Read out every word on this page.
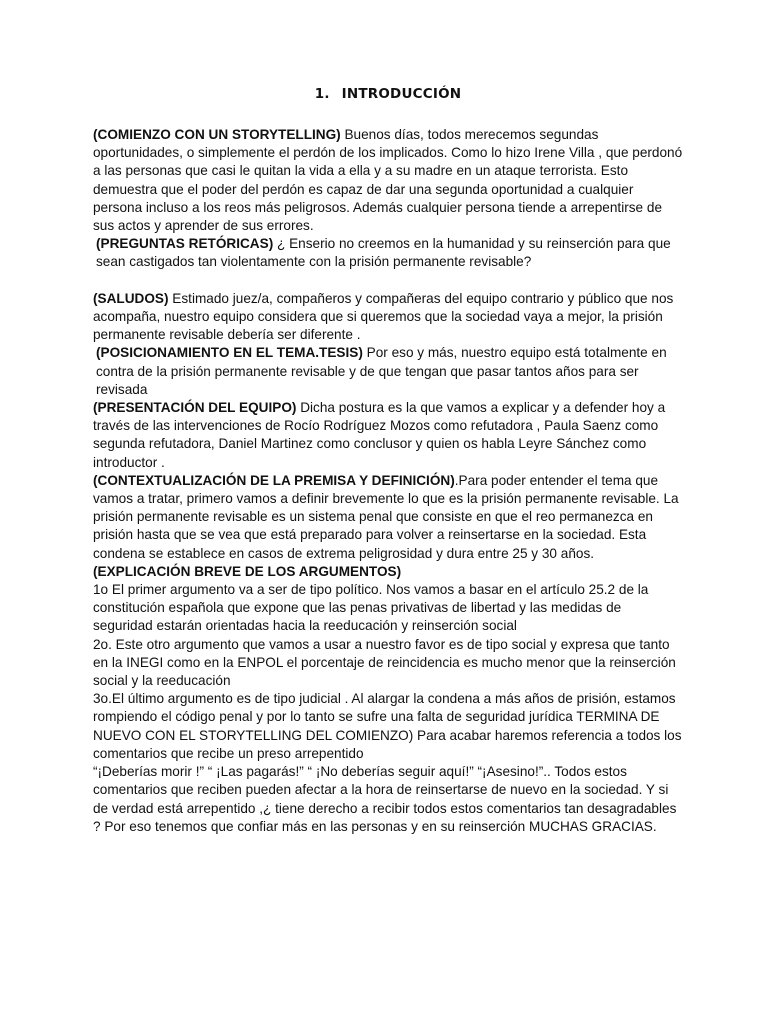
1. INTRODUCCIÓN

(COMIENZO CON UN STORYTELLING) Buenos días, todos merecemos segundas oportunidades, o simplemente el perdón de los implicados. Como lo hizo Irene Villa , que perdonó a las personas que casi le quitan la vida a ella y a su madre en un ataque terrorista. Esto demuestra que el poder del perdón es capaz de dar una segunda oportunidad a cualquier persona incluso a los reos más peligrosos. Además cualquier persona tiende a arrepentirse de sus actos y aprender de sus errores.

(PREGUNTAS RETÓRICAS) ¿ Enserio no creemos en la humanidad y su reinserción para que sean castigados tan violentamente con la prisión permanente revisable?

(SALUDOS) Estimado juez/a, compañeros y compañeras del equipo contrario y público que nos acompaña, nuestro equipo considera que si queremos que la sociedad vaya a mejor, la prisión permanente revisable debería ser diferente .

(POSICIONAMIENTO EN EL TEMA.TESIS) Por eso y más, nuestro equipo está totalmente en contra de la prisión permanente revisable y de que tengan que pasar tantos años para ser revisada

(PRESENTACIÓN DEL EQUIPO) Dicha postura es la que vamos a explicar y a defender hoy a través de las intervenciones de Rocío Rodríguez Mozos como refutadora , Paula Saenz como segunda refutadora, Daniel Martinez como conclusor y quien os habla Leyre Sánchez como introductor .

(CONTEXTUALIZACIÓN DE LA PREMISA Y DEFINICIÓN).Para poder entender el tema que vamos a tratar, primero vamos a definir brevemente lo que es la prisión permanente revisable. La prisión permanente revisable es un sistema penal que consiste en que el reo permanezca en prisión hasta que se vea que está preparado para volver a reinsertarse en la sociedad. Esta condena se establece en casos de extrema peligrosidad y dura entre 25 y 30 años.

(EXPLICACIÓN BREVE DE LOS ARGUMENTOS)

1o El primer argumento va a ser de tipo político. Nos vamos a basar en el artículo 25.2 de la constitución española que expone que las penas privativas de libertad y las medidas de seguridad estarán orientadas hacia la reeducación y reinserción social

2o. Este otro argumento que vamos a usar a nuestro favor es de tipo social y expresa que tanto en la INEGI como en la ENPOL el porcentaje de reincidencia es mucho menor que la reinserción social y la reeducación

3o.El último argumento es de tipo judicial . Al alargar la condena a más años de prisión, estamos rompiendo el código penal y por lo tanto se sufre una falta de seguridad jurídica TERMINA DE NUEVO CON EL STORYTELLING DEL COMIENZO) Para acabar haremos referencia a todos los comentarios que recibe un preso arrepentido

“¡Deberías morir !” “ ¡Las pagarás!” “ ¡No deberías seguir aquí!” “¡Asesino!”.. Todos estos comentarios que reciben pueden afectar a la hora de reinsertarse de nuevo en la sociedad. Y si de verdad está arrepentido ,¿ tiene derecho a recibir todos estos comentarios tan desagradables ? Por eso tenemos que confiar más en las personas y en su reinserción MUCHAS GRACIAS.
